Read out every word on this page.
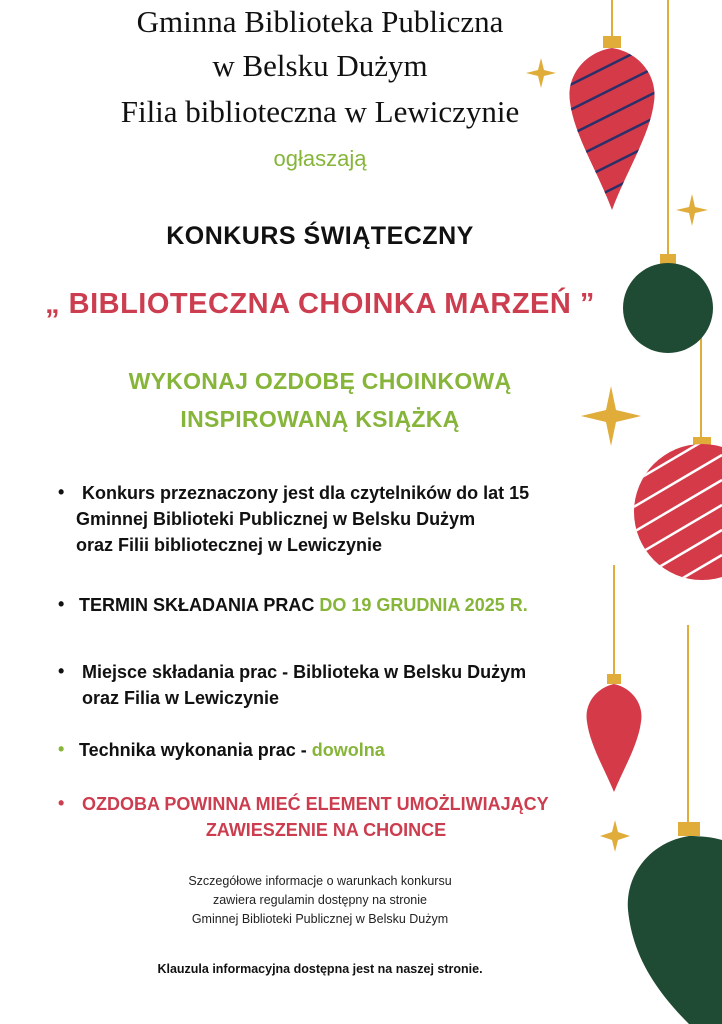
Gminna Biblioteka Publiczna
w Belsku Dużym
Filia biblioteczna w Lewiczynie
ogłaszają
KONKURS ŚWIĄTECZNY
„ BIBLIOTECZNA CHOINKA MARZEŃ ”
WYKONAJ OZDOBĘ CHOINKOWĄ
INSPIROWANĄ KSIĄŻKĄ
• Konkurs przeznaczony jest dla czytelników do lat 15
Gminnej Biblioteki Publicznej w Belsku Dużym
oraz Filii bibliotecznej w Lewiczynie
• TERMIN SKŁADANIA PRAC DO 19 GRUDNIA 2025 R.
• Miejsce składania prac - Biblioteka w Belsku Dużym
oraz Filia w Lewiczynie
• Technika wykonania prac - dowolna
• OZDOBA POWINNA MIEĆ ELEMENT UMOŻLIWIAJĄCY
ZAWIESZENIE NA CHOINCE
Szczegółowe informacje o warunkach konkursu
zawiera regulamin dostępny na stronie
Gminnej Biblioteki Publicznej w Belsku Dużym
Klauzula informacyjna dostępna jest na naszej stronie.
